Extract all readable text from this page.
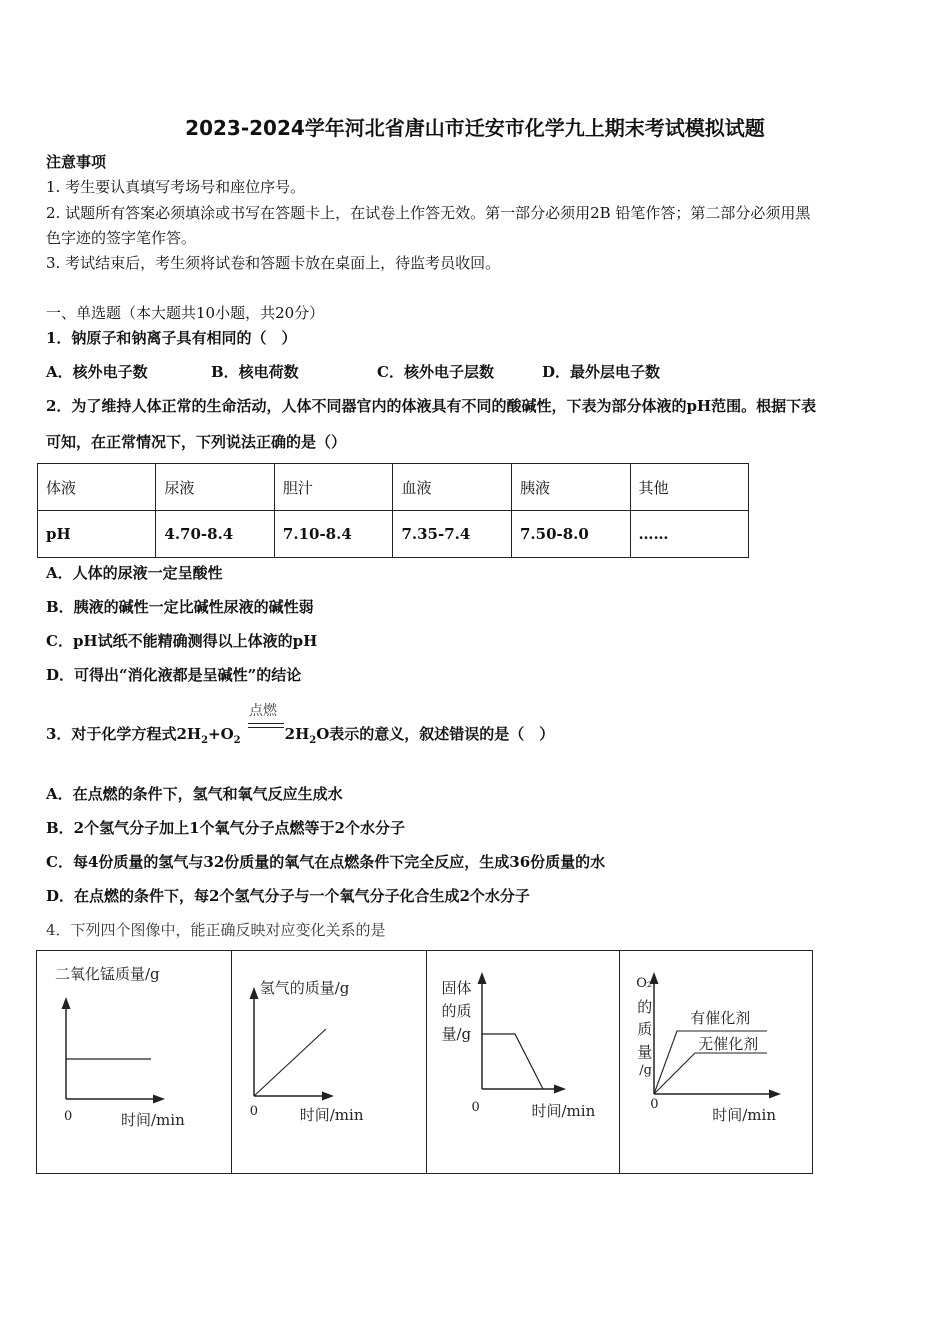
2023-2024学年河北省唐山市迁安市化学九上期末考试模拟试题
注意事项
1. 考生要认真填写考场号和座位序号。
2. 试题所有答案必须填涂或书写在答题卡上，在试卷上作答无效。第一部分必须用2B 铅笔作答；第二部分必须用黑
色字迹的签字笔作答。
3. 考试结束后，考生须将试卷和答题卡放在桌面上，待监考员收回。
一、单选题（本大题共10小题，共20分）
1．钠原子和钠离子具有相同的（　）
A．核外电子数	B．核电荷数	C．核外电子层数	D．最外层电子数
2．为了维持人体正常的生命活动，人体不同器官内的体液具有不同的酸碱性，下表为部分体液的pH范围。根据下表
可知，在正常情况下，下列说法正确的是（）
体液	尿液	胆汁	血液	胰液	其他
pH	4.70-8.4	7.10-8.4	7.35-7.4	7.50-8.0	……
A．人体的尿液一定呈酸性
B．胰液的碱性一定比碱性尿液的碱性弱
C．pH试纸不能精确测得以上体液的pH
D．可得出“消化液都是呈碱性”的结论
点燃
3．对于化学方程式$2H_2+O_2$	$2H_2O$表示的意义，叙述错误的是（　）
A．在点燃的条件下，氢气和氧气反应生成水
B．2个氢气分子加上1个氧气分子点燃等于2个水分子
C．每4份质量的氢气与32份质量的氧气在点燃条件下完全反应，生成36份质量的水
D．在点燃的条件下，每2个氢气分子与一个氧气分子化合生成2个水分子
4．下列四个图像中，能正确反映对应变化关系的是
二氧化锰质量/g
0	时间/min
氢气的质量/g
0	时间/min
固体
的质
量/g
0	时间/min
O₂
的
质
量
/g
有催化剂
无催化剂
0
时间/min
